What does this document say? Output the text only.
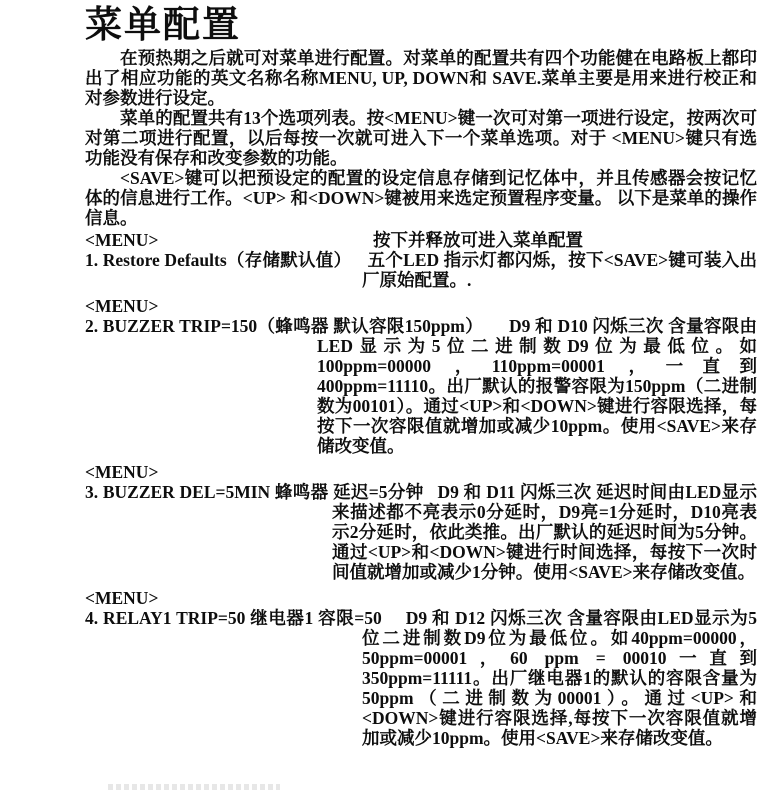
菜单配置

在预热期之后就可对菜单进行配置。对菜单的配置共有四个功能健在电路板上都印出了相应功能的英文名称名称MENU, UP, DOWN和 SAVE.菜单主要是用来进行校正和对参数进行设定。

菜单的配置共有13个选项列表。按<MENU>键一次可对第一项进行设定，按两次可对第二项进行配置，以后每按一次就可进入下一个菜单选项。对于 <MENU>键只有选功能没有保存和改变参数的功能。

<SAVE>键可以把预设定的配置的设定信息存储到记忆体中，并且传感器会按记忆体的信息进行工作。<UP> 和<DOWN>键被用来选定预置程序变量。 以下是菜单的操作信息。

<MENU>	按下并释放可进入菜单配置
1. Restore Defaults（存储默认值） 五个LED 指示灯都闪烁，按下<SAVE>键可装入出厂原始配置。.
<MENU>
2. BUZZER TRIP=150（蜂鸣器 默认容限150ppm） D9 和 D10 闪烁三次 含量容限由LED显示为5位二进制数D9位为最低位。如100ppm=00000 ，110ppm=00001 ，一直到400ppm=11110。出厂默认的报警容限为150ppm（二进制数为00101）。通过<UP>和<DOWN>键进行容限选择，每按下一次容限值就增加或减少10ppm。使用<SAVE>来存储改变值。
<MENU>
3. BUZZER DEL=5MIN 蜂鸣器 延迟=5分钟 D9 和 D11 闪烁三次 延迟时间由LED显示来描述都不亮表示0分延时，D9亮=1分延时，D10亮表示2分延时，依此类推。出厂默认的延迟时间为5分钟。通过<UP>和<DOWN>键进行时间选择，每按下一次时间值就增加或减少1分钟。使用<SAVE>来存储改变值。
<MENU>
4. RELAY1 TRIP=50 继电器1 容限=50 D9 和 D12 闪烁三次 含量容限由LED显示为5位二进制数D9位为最低位。如40ppm=00000，50ppm=00001，60 ppm = 00010一直到350ppm=11111。出厂继电器1的默认的容限含量为50ppm（二进制数为00001）。通过<UP>和<DOWN>键进行容限选择,每按下一次容限值就增加或减少10ppm。使用<SAVE>来存储改变值。
